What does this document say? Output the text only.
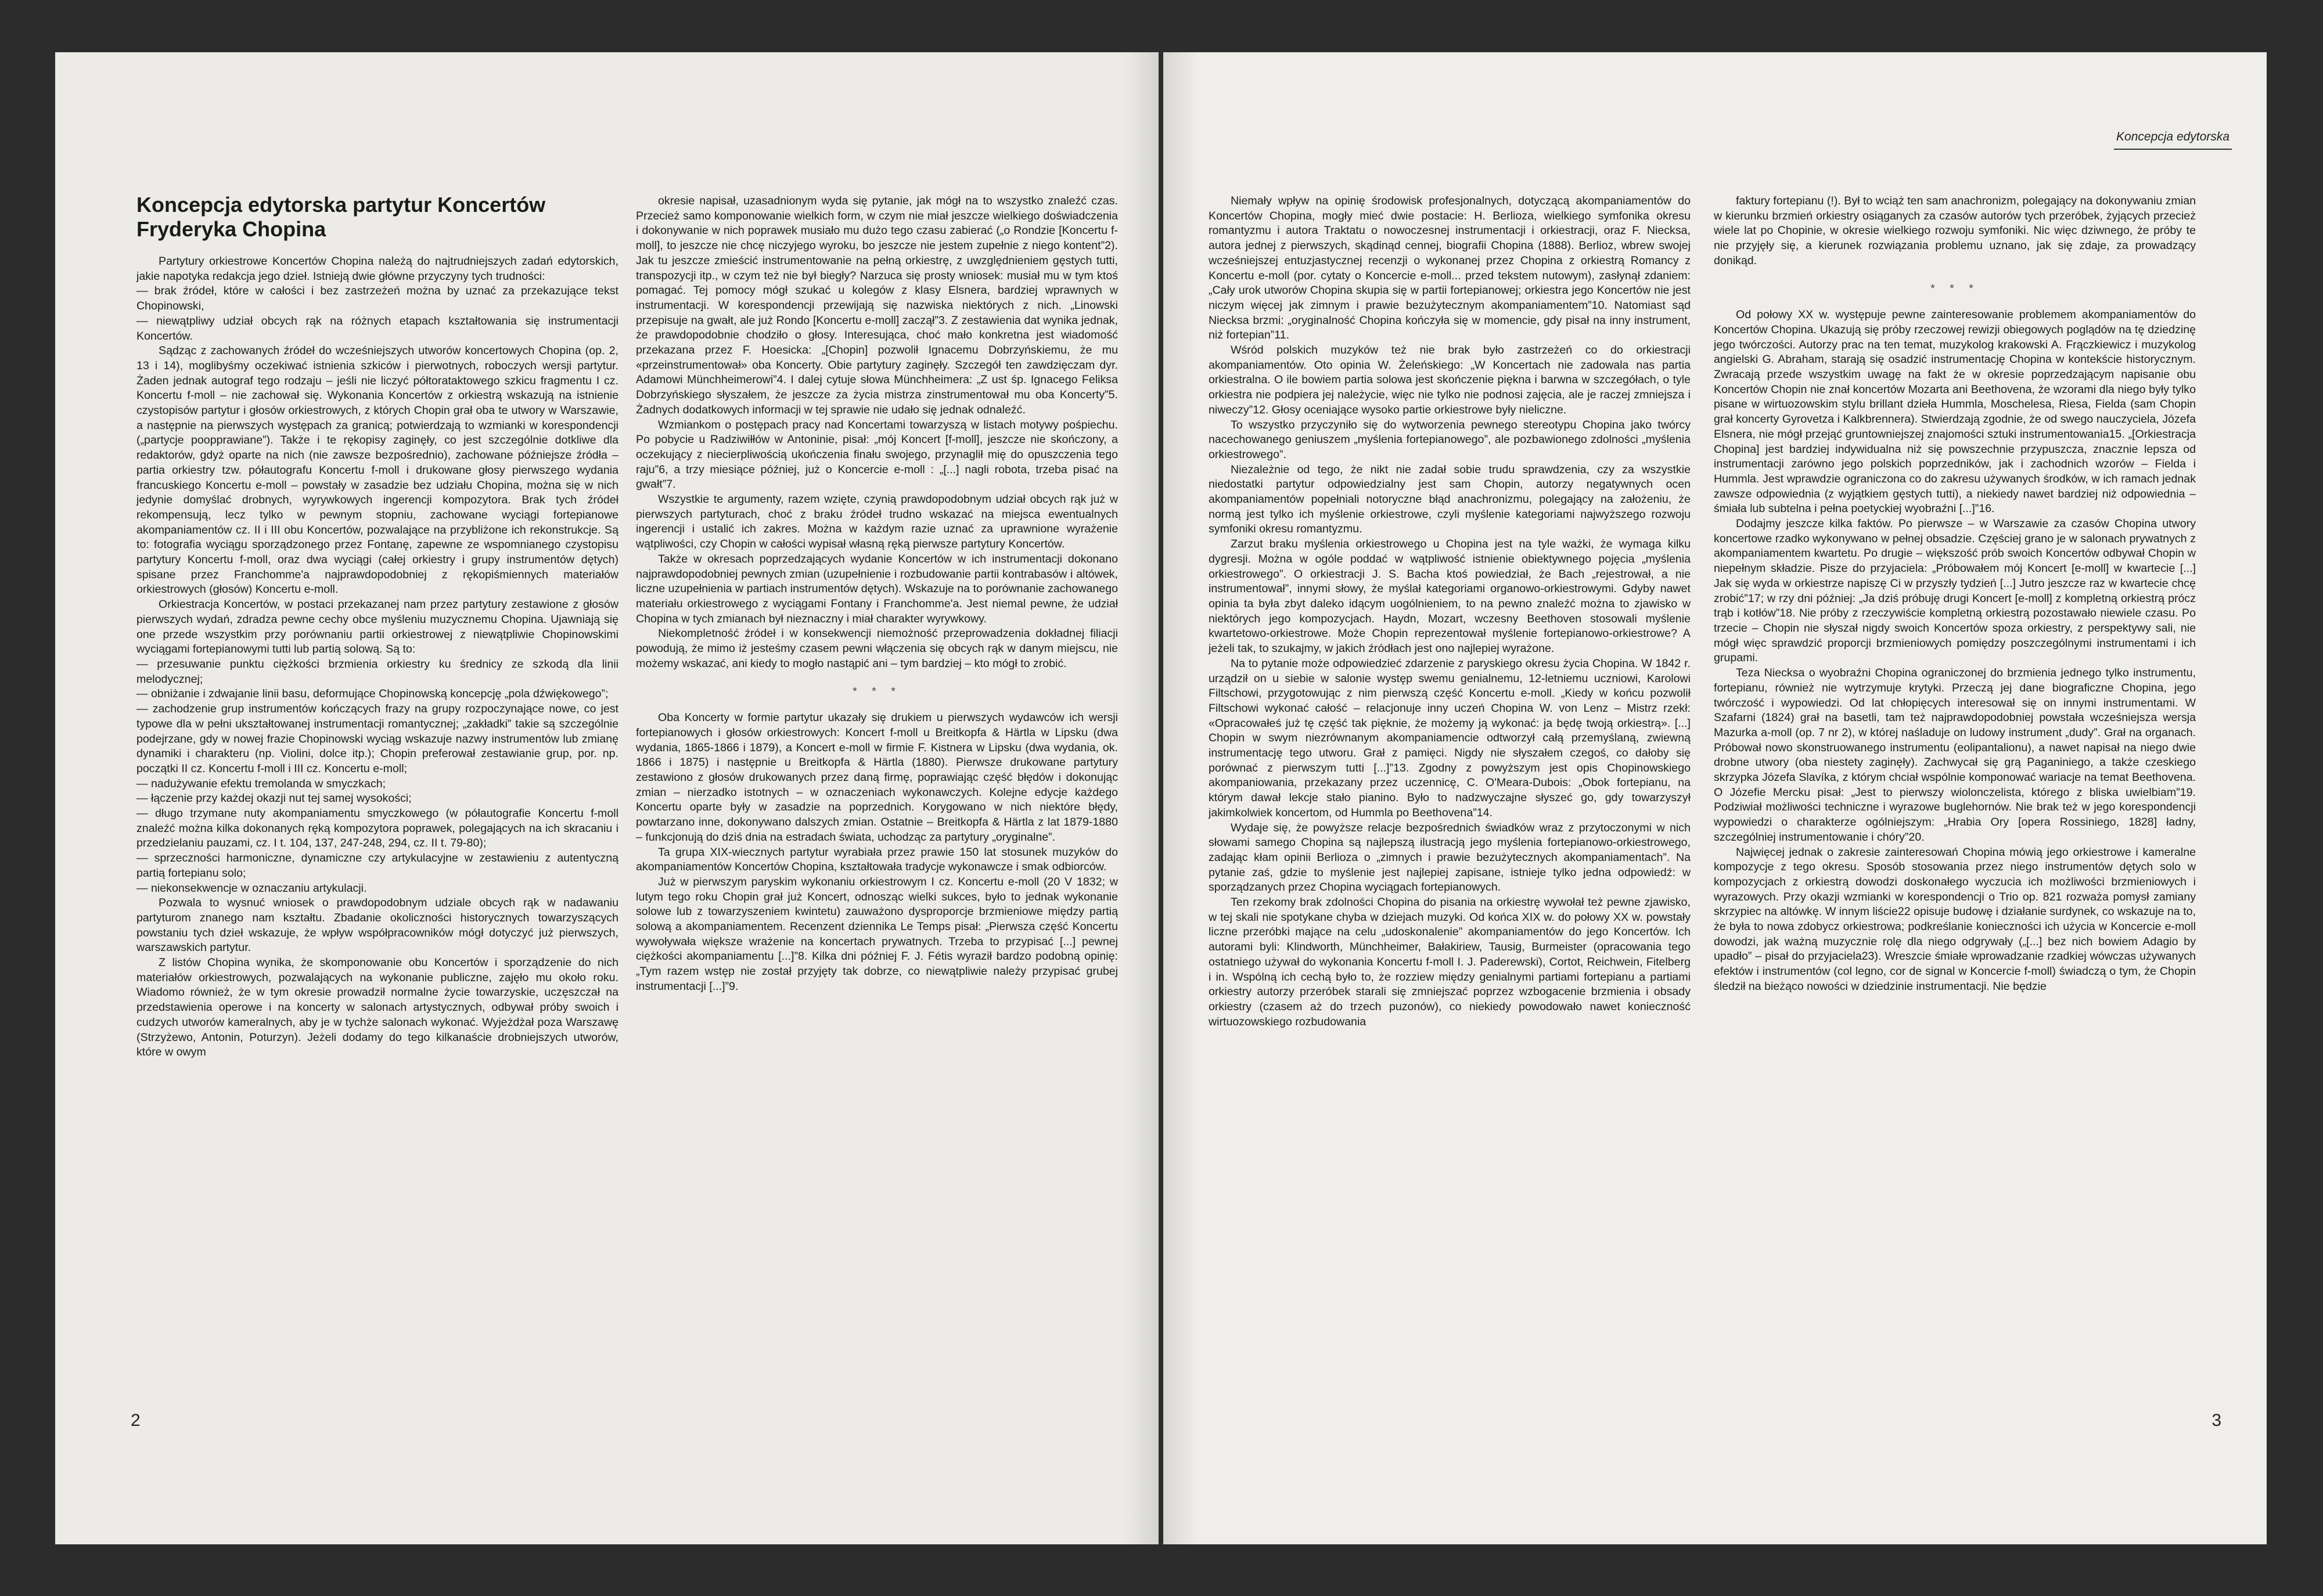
Koncepcja edytorska partytur Koncertów Fryderyka Chopina

Partytury orkiestrowe Koncertów Chopina należą do najtrudniejszych zadań edytorskich, jakie napotyka redakcja jego dzieł. Istnieją dwie główne przyczyny tych trudności:

— brak źródeł, które w całości i bez zastrzeżeń można by uznać za przekazujące tekst Chopinowski,

— niewątpliwy udział obcych rąk na różnych etapach kształtowania się instrumentacji Koncertów.

Sądząc z zachowanych źródeł do wcześniejszych utworów koncertowych Chopina (op. 2, 13 i 14), moglibyśmy oczekiwać istnienia szkiców i pierwotnych, roboczych wersji partytur. Żaden jednak autograf tego rodzaju – jeśli nie liczyć półtorataktowego szkicu fragmentu I cz. Koncertu f-moll – nie zachował się. Wykonania Koncertów z orkiestrą wskazują na istnienie czystopisów partytur i głosów orkiestrowych, z których Chopin grał oba te utwory w Warszawie, a następnie na pierwszych występach za granicą; potwierdzają to wzmianki w korespondencji („partycje poopprawiane”). Także i te rękopisy zaginęły, co jest szczególnie dotkliwe dla redaktorów, gdyż oparte na nich (nie zawsze bezpośrednio), zachowane późniejsze źródła – partia orkiestry tzw. półautografu Koncertu f-moll i drukowane głosy pierwszego wydania francuskiego Koncertu e-moll – powstały w zasadzie bez udziału Chopina, można się w nich jedynie domyślać drobnych, wyrywkowych ingerencji kompozytora. Brak tych źródeł rekompensują, lecz tylko w pewnym stopniu, zachowane wyciągi fortepianowe akompaniamentów cz. II i III obu Koncertów, pozwalające na przybliżone ich rekonstrukcje. Są to: fotografia wyciągu sporządzonego przez Fontanę, zapewne ze wspomnianego czystopisu partytury Koncertu f-moll, oraz dwa wyciągi (całej orkiestry i grupy instrumentów dętych) spisane przez Franchomme'a najprawdopodobniej z rękopiśmiennych materiałów orkiestrowych (głosów) Koncertu e-moll.

Orkiestracja Koncertów, w postaci przekazanej nam przez partytury zestawione z głosów pierwszych wydań, zdradza pewne cechy obce myśleniu muzycznemu Chopina. Ujawniają się one przede wszystkim przy porównaniu partii orkiestrowej z niewątpliwie Chopinowskimi wyciągami fortepianowymi tutti lub partią solową. Są to:

— przesuwanie punktu ciężkości brzmienia orkiestry ku średnicy ze szkodą dla linii melodycznej;

— obniżanie i zdwajanie linii basu, deformujące Chopinowską koncepcję „pola dźwiękowego”;

— zachodzenie grup instrumentów kończących frazy na grupy rozpoczynające nowe, co jest typowe dla w pełni ukształtowanej instrumentacji romantycznej; „zakładki” takie są szczególnie podejrzane, gdy w nowej frazie Chopinowski wyciąg wskazuje nazwy instrumentów lub zmianę dynamiki i charakteru (np. Violini, dolce itp.); Chopin preferował zestawianie grup, por. np. początki II cz. Koncertu f-moll i III cz. Koncertu e-moll;

— nadużywanie efektu tremolanda w smyczkach;

— łączenie przy każdej okazji nut tej samej wysokości;

— długo trzymane nuty akompaniamentu smyczkowego (w półautografie Koncertu f-moll znaleźć można kilka dokonanych ręką kompozytora poprawek, polegających na ich skracaniu i przedzielaniu pauzami, cz. I t. 104, 137, 247-248, 294, cz. II t. 79-80);

— sprzeczności harmoniczne, dynamiczne czy artykulacyjne w zestawieniu z autentyczną partią fortepianu solo;

— niekonsekwencje w oznaczaniu artykulacji.

Pozwala to wysnuć wniosek o prawdopodobnym udziale obcych rąk w nadawaniu partyturom znanego nam kształtu. Zbadanie okoliczności historycznych towarzyszących powstaniu tych dzieł wskazuje, że wpływ współpracowników mógł dotyczyć już pierwszych, warszawskich partytur.

Z listów Chopina wynika, że skomponowanie obu Koncertów i sporządzenie do nich materiałów orkiestrowych, pozwalających na wykonanie publiczne, zajęło mu około roku. Wiadomo również, że w tym okresie prowadził normalne życie towarzyskie, uczęszczał na przedstawienia operowe i na koncerty w salonach artystycznych, odbywał próby swoich i cudzych utworów kameralnych, aby je w tychże salonach wykonać. Wyjeżdżał poza Warszawę (Strzyżewo, Antonin, Poturzyn). Jeżeli dodamy do tego kilkanaście drobniejszych utworów, które w owym

okresie napisał, uzasadnionym wyda się pytanie, jak mógł na to wszystko znaleźć czas. Przecież samo komponowanie wielkich form, w czym nie miał jeszcze wielkiego doświadczenia i dokonywanie w nich poprawek musiało mu dużo tego czasu zabierać („o Rondzie [Koncertu f-moll], to jeszcze nie chcę niczyjego wyroku, bo jeszcze nie jestem zupełnie z niego kontent”2). Jak tu jeszcze zmieścić instrumentowanie na pełną orkiestrę, z uwzględnieniem gęstych tutti, transpozycji itp., w czym też nie był biegły? Narzuca się prosty wniosek: musiał mu w tym ktoś pomagać. Tej pomocy mógł szukać u kolegów z klasy Elsnera, bardziej wprawnych w instrumentacji. W korespondencji przewijają się nazwiska niektórych z nich. „Linowski przepisuje na gwałt, ale już Rondo [Koncertu e-moll] zaczął”3. Z zestawienia dat wynika jednak, że prawdopodobnie chodziło o głosy. Interesująca, choć mało konkretna jest wiadomość przekazana przez F. Hoesicka: „[Chopin] pozwolił Ignacemu Dobrzyńskiemu, że mu «przeinstrumentował» oba Koncerty. Obie partytury zaginęły. Szczegół ten zawdzięczam dyr. Adamowi Münchheimerowi”4. I dalej cytuje słowa Münchheimera: „Z ust śp. Ignacego Feliksa Dobrzyńskiego słyszałem, że jeszcze za życia mistrza zinstrumentował mu oba Koncerty”5. Żadnych dodatkowych informacji w tej sprawie nie udało się jednak odnaleźć.

Wzmiankom o postępach pracy nad Koncertami towarzyszą w listach motywy pośpiechu. Po pobycie u Radziwiłłów w Antoninie, pisał: „mój Koncert [f-moll], jeszcze nie skończony, a oczekujący z niecierpliwością ukończenia finału swojego, przynaglił mię do opuszczenia tego raju”6, a trzy miesiące później, już o Koncercie e-moll : „[...] nagli robota, trzeba pisać na gwałt”7.

Wszystkie te argumenty, razem wzięte, czynią prawdopodobnym udział obcych rąk już w pierwszych partyturach, choć z braku źródeł trudno wskazać na miejsca ewentualnych ingerencji i ustalić ich zakres. Można w każdym razie uznać za uprawnione wyrażenie wątpliwości, czy Chopin w całości wypisał własną ręką pierwsze partytury Koncertów.

Także w okresach poprzedzających wydanie Koncertów w ich instrumentacji dokonano najprawdopodobniej pewnych zmian (uzupełnienie i rozbudowanie partii kontrabasów i altówek, liczne uzupełnienia w partiach instrumentów dętych). Wskazuje na to porównanie zachowanego materiału orkiestrowego z wyciągami Fontany i Franchomme'a. Jest niemal pewne, że udział Chopina w tych zmianach był nieznaczny i miał charakter wyrywkowy.

Niekompletność źródeł i w konsekwencji niemożność przeprowadzenia dokładnej filiacji powodują, że mimo iż jesteśmy czasem pewni włączenia się obcych rąk w danym miejscu, nie możemy wskazać, ani kiedy to mogło nastąpić ani – tym bardziej – kto mógł to zrobić.

* * *

Oba Koncerty w formie partytur ukazały się drukiem u pierwszych wydawców ich wersji fortepianowych i głosów orkiestrowych: Koncert f-moll u Breitkopfa & Härtla w Lipsku (dwa wydania, 1865-1866 i 1879), a Koncert e-moll w firmie F. Kistnera w Lipsku (dwa wydania, ok. 1866 i 1875) i następnie u Breitkopfa & Härtla (1880). Pierwsze drukowane partytury zestawiono z głosów drukowanych przez daną firmę, poprawiając część błędów i dokonując zmian – nierzadko istotnych – w oznaczeniach wykonawczych. Kolejne edycje każdego Koncertu oparte były w zasadzie na poprzednich. Korygowano w nich niektóre błędy, powtarzano inne, dokonywano dalszych zmian. Ostatnie – Breitkopfa & Härtla z lat 1879-1880 – funkcjonują do dziś dnia na estradach świata, uchodząc za partytury „oryginalne”.

Ta grupa XIX-wiecznych partytur wyrabiała przez prawie 150 lat stosunek muzyków do akompaniamentów Koncertów Chopina, kształtowała tradycje wykonawcze i smak odbiorców.

Już w pierwszym paryskim wykonaniu orkiestrowym I cz. Koncertu e-moll (20 V 1832; w lutym tego roku Chopin grał już Koncert, odnosząc wielki sukces, było to jednak wykonanie solowe lub z towarzyszeniem kwintetu) zauważono dysproporcje brzmieniowe między partią solową a akompaniamentem. Recenzent dziennika Le Temps pisał: „Pierwsza część Koncertu wywoływała większe wrażenie na koncertach prywatnych. Trzeba to przypisać [...] pewnej ciężkości akompaniamentu [...]”8. Kilka dni później F. J. Fétis wyraził bardzo podobną opinię: „Tym razem wstęp nie został przyjęty tak dobrze, co niewątpliwie należy przypisać grubej instrumentacji [...]”9.

2
Koncepcja edytorska

Niemały wpływ na opinię środowisk profesjonalnych, dotyczącą akompaniamentów do Koncertów Chopina, mogły mieć dwie postacie: H. Berlioza, wielkiego symfonika okresu romantyzmu i autora Traktatu o nowoczesnej instrumentacji i orkiestracji, oraz F. Niecksa, autora jednej z pierwszych, skądinąd cennej, biografii Chopina (1888). Berlioz, wbrew swojej wcześniejszej entuzjastycznej recenzji o wykonanej przez Chopina z orkiestrą Romancy z Koncertu e-moll (por. cytaty o Koncercie e-moll... przed tekstem nutowym), zasłynął zdaniem: „Cały urok utworów Chopina skupia się w partii fortepianowej; orkiestra jego Koncertów nie jest niczym więcej jak zimnym i prawie bezużytecznym akompaniamentem”10. Natomiast sąd Niecksa brzmi: „oryginalność Chopina kończyła się w momencie, gdy pisał na inny instrument, niż fortepian”11.

Wśród polskich muzyków też nie brak było zastrzeżeń co do orkiestracji akompaniamentów. Oto opinia W. Żeleńskiego: „W Koncertach nie zadowala nas partia orkiestralna. O ile bowiem partia solowa jest skończenie piękna i barwna w szczegółach, o tyle orkiestra nie podpiera jej należycie, więc nie tylko nie podnosi zajęcia, ale je raczej zmniejsza i niweczy”12. Głosy oceniające wysoko partie orkiestrowe były nieliczne.

To wszystko przyczyniło się do wytworzenia pewnego stereotypu Chopina jako twórcy nacechowanego geniuszem „myślenia fortepianowego”, ale pozbawionego zdolności „myślenia orkiestrowego”.

Niezależnie od tego, że nikt nie zadał sobie trudu sprawdzenia, czy za wszystkie niedostatki partytur odpowiedzialny jest sam Chopin, autorzy negatywnych ocen akompaniamentów popełniali notoryczne błąd anachronizmu, polegający na założeniu, że normą jest tylko ich myślenie orkiestrowe, czyli myślenie kategoriami najwyższego rozwoju symfoniki okresu romantyzmu.

Zarzut braku myślenia orkiestrowego u Chopina jest na tyle ważki, że wymaga kilku dygresji. Można w ogóle poddać w wątpliwość istnienie obiektywnego pojęcia „myślenia orkiestrowego”. O orkiestracji J. S. Bacha ktoś powiedział, że Bach „rejestrował, a nie instrumentował”, innymi słowy, że myślał kategoriami organowo-orkiestrowymi. Gdyby nawet opinia ta była zbyt daleko idącym uogólnieniem, to na pewno znaleźć można to zjawisko w niektórych jego kompozycjach. Haydn, Mozart, wczesny Beethoven stosowali myślenie kwartetowo-orkiestrowe. Może Chopin reprezentował myślenie fortepianowo-orkiestrowe? A jeżeli tak, to szukajmy, w jakich źródłach jest ono najlepiej wyrażone.

Na to pytanie może odpowiedzieć zdarzenie z paryskiego okresu życia Chopina. W 1842 r. urządził on u siebie w salonie występ swemu genialnemu, 12-letniemu uczniowi, Karolowi Filtschowi, przygotowując z nim pierwszą część Koncertu e-moll. „Kiedy w końcu pozwolił Filtschowi wykonać całość – relacjonuje inny uczeń Chopina W. von Lenz – Mistrz rzekł: «Opracowałeś już tę część tak pięknie, że możemy ją wykonać: ja będę twoją orkiestrą». [...] Chopin w swym niezrównanym akompaniamencie odtworzył całą przemyślaną, zwiewną instrumentację tego utworu. Grał z pamięci. Nigdy nie słyszałem czegoś, co dałoby się porównać z pierwszym tutti [...]”13. Zgodny z powyższym jest opis Chopinowskiego akompaniowania, przekazany przez uczennicę, C. O'Meara-Dubois: „Obok fortepianu, na którym dawał lekcje stało pianino. Było to nadzwyczajne słyszeć go, gdy towarzyszył jakimkolwiek koncertom, od Hummla po Beethovena”14.

Wydaje się, że powyższe relacje bezpośrednich świadków wraz z przytoczonymi w nich słowami samego Chopina są najlepszą ilustracją jego myślenia fortepianowo-orkiestrowego, zadając kłam opinii Berlioza o „zimnych i prawie bezużytecznych akompaniamentach”. Na pytanie zaś, gdzie to myślenie jest najlepiej zapisane, istnieje tylko jedna odpowiedź: w sporządzanych przez Chopina wyciągach fortepianowych.

Ten rzekomy brak zdolności Chopina do pisania na orkiestrę wywołał też pewne zjawisko, w tej skali nie spotykane chyba w dziejach muzyki. Od końca XIX w. do połowy XX w. powstały liczne przeróbki mające na celu „udoskonalenie” akompaniamentów do jego Koncertów. Ich autorami byli: Klindworth, Münchheimer, Bałakiriew, Tausig, Burmeister (opracowania tego ostatniego używał do wykonania Koncertu f-moll I. J. Paderewski), Cortot, Reichwein, Fitelberg i in. Wspólną ich cechą było to, że rozziew między genialnymi partiami fortepianu a partiami orkiestry autorzy przeróbek starali się zmniejszać poprzez wzbogacenie brzmienia i obsady orkiestry (czasem aż do trzech puzonów), co niekiedy powodowało nawet konieczność wirtuozowskiego rozbudowania

faktury fortepianu (!). Był to wciąż ten sam anachronizm, polegający na dokonywaniu zmian w kierunku brzmień orkiestry osiąganych za czasów autorów tych przeróbek, żyjących przecież wiele lat po Chopinie, w okresie wielkiego rozwoju symfoniki. Nic więc dziwnego, że próby te nie przyjęły się, a kierunek rozwiązania problemu uznano, jak się zdaje, za prowadzący donikąd.

* * *

Od połowy XX w. występuje pewne zainteresowanie problemem akompaniamentów do Koncertów Chopina. Ukazują się próby rzeczowej rewizji obiegowych poglądów na tę dziedzinę jego twórczości. Autorzy prac na ten temat, muzykolog krakowski A. Frączkiewicz i muzykolog angielski G. Abraham, starają się osadzić instrumentację Chopina w kontekście historycznym. Zwracają przede wszystkim uwagę na fakt że w okresie poprzedzającym napisanie obu Koncertów Chopin nie znał koncertów Mozarta ani Beethovena, że wzorami dla niego były tylko pisane w wirtuozowskim stylu brillant dzieła Hummla, Moschelesa, Riesa, Fielda (sam Chopin grał koncerty Gyrovetza i Kalkbrennera). Stwierdzają zgodnie, że od swego nauczyciela, Józefa Elsnera, nie mógł przejąć gruntowniejszej znajomości sztuki instrumentowania15. „[Orkiestracja Chopina] jest bardziej indywidualna niż się powszechnie przypuszcza, znacznie lepsza od instrumentacji zarówno jego polskich poprzedników, jak i zachodnich wzorów – Fielda i Hummla. Jest wprawdzie ograniczona co do zakresu używanych środków, w ich ramach jednak zawsze odpowiednia (z wyjątkiem gęstych tutti), a niekiedy nawet bardziej niż odpowiednia – śmiała lub subtelna i pełna poetyckiej wyobraźni [...]”16.

Dodajmy jeszcze kilka faktów. Po pierwsze – w Warszawie za czasów Chopina utwory koncertowe rzadko wykonywano w pełnej obsadzie. Częściej grano je w salonach prywatnych z akompaniamentem kwartetu. Po drugie – większość prób swoich Koncertów odbywał Chopin w niepełnym składzie. Pisze do przyjaciela: „Próbowałem mój Koncert [e-moll] w kwartecie [...] Jak się wyda w orkiestrze napiszę Ci w przyszły tydzień [...] Jutro jeszcze raz w kwartecie chcę zrobić”17; w rzy dni później: „Ja dziś próbuję drugi Koncert [e-moll] z kompletną orkiestrą prócz trąb i kotłów”18. Nie próby z rzeczywiście kompletną orkiestrą pozostawało niewiele czasu. Po trzecie – Chopin nie słyszał nigdy swoich Koncertów spoza orkiestry, z perspektywy sali, nie mógł więc sprawdzić proporcji brzmieniowych pomiędzy poszczególnymi instrumentami i ich grupami.

Teza Niecksa o wyobraźni Chopina ograniczonej do brzmienia jednego tylko instrumentu, fortepianu, również nie wytrzymuje krytyki. Przeczą jej dane biograficzne Chopina, jego twórczość i wypowiedzi. Od lat chłopięcych interesował się on innymi instrumentami. W Szafarni (1824) grał na basetli, tam też najprawdopodobniej powstała wcześniejsza wersja Mazurka a-moll (op. 7 nr 2), w której naśladuje on ludowy instrument „dudy”. Grał na organach. Próbował nowo skonstruowanego instrumentu (eolipantalionu), a nawet napisał na niego dwie drobne utwory (oba niestety zaginęły). Zachwycał się grą Paganiniego, a także czeskiego skrzypka Józefa Slavíka, z którym chciał wspólnie komponować wariacje na temat Beethovena. O Józefie Mercku pisał: „Jest to pierwszy wiolonczelista, którego z bliska uwielbiam”19. Podziwiał możliwości techniczne i wyrazowe buglehornów. Nie brak też w jego korespondencji wypowiedzi o charakterze ogólniejszym: „Hrabia Ory [opera Rossiniego, 1828] ładny, szczególniej instrumentowanie i chóry”20.

Najwięcej jednak o zakresie zainteresowań Chopina mówią jego orkiestrowe i kameralne kompozycje z tego okresu. Sposób stosowania przez niego instrumentów dętych solo w kompozycjach z orkiestrą dowodzi doskonałego wyczucia ich możliwości brzmieniowych i wyrazowych. Przy okazji wzmianki w korespondencji o Trio op. 821 rozważa pomysł zamiany skrzypiec na altówkę. W innym liście22 opisuje budowę i działanie surdynek, co wskazuje na to, że była to nowa zdobycz orkiestrowa; podkreślanie konieczności ich użycia w Koncercie e-moll dowodzi, jak ważną muzycznie rolę dla niego odgrywały („[...] bez nich bowiem Adagio by upadło” – pisał do przyjaciela23). Wreszcie śmiałe wprowadzanie rzadkiej wówczas używanych efektów i instrumentów (col legno, cor de signal w Koncercie f-moll) świadczą o tym, że Chopin śledził na bieżąco nowości w dziedzinie instrumentacji. Nie będzie

3
